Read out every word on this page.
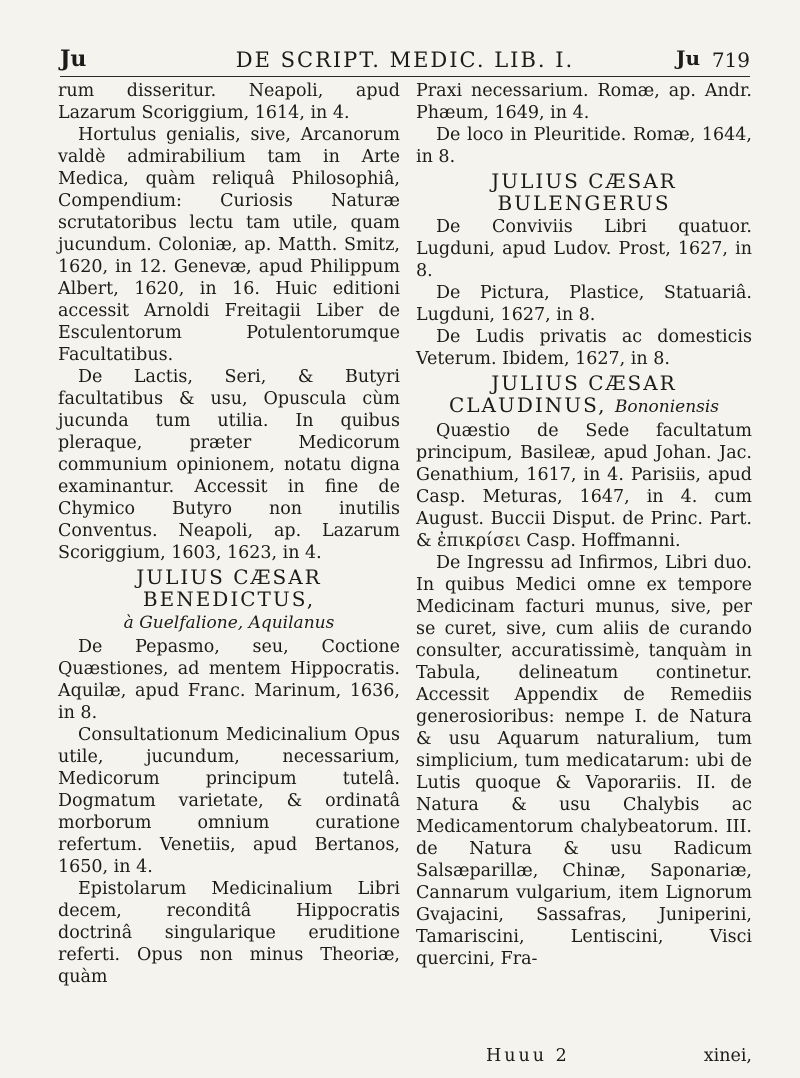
Ju	DE SCRIPT. MEDIC. LIB. I.	Ju 719

rum disseritur. Neapoli, apud Lazarum Scoriggium, 1614, in 4.

Hortulus genialis, sive, Arcanorum valdè admirabilium tam in Arte Medica, quàm reliquâ Philosophiâ, Compendium: Curiosis Naturæ scrutatoribus lectu tam utile, quam jucundum. Coloniæ, ap. Matth. Smitz, 1620, in 12. Genevæ, apud Philippum Albert, 1620, in 16. Huic editioni accessit Arnoldi Freitagii Liber de Esculentorum Potulentorumque Facultatibus.

De Lactis, Seri, & Butyri facultatibus & usu, Opuscula cùm jucunda tum utilia. In quibus pleraque, præter Medicorum communium opinionem, notatu digna examinantur. Accessit in fine de Chymico Butyro non inutilis Conventus. Neapoli, ap. Lazarum Scoriggium, 1603, 1623, in 4.

JULIUS CÆSAR BENEDICTUS,
à Guelfalione, Aquilanus

De Pepasmo, seu, Coctione Quæstiones, ad mentem Hippocratis. Aquilæ, apud Franc. Marinum, 1636, in 8.

Consultationum Medicinalium Opus utile, jucundum, necessarium, Medicorum principum tutelâ. Dogmatum varietate, & ordinatâ morborum omnium curatione refertum. Venetiis, apud Bertanos, 1650, in 4.

Epistolarum Medicinalium Libri decem, reconditâ Hippocratis doctrinâ singularique eruditione referti. Opus non minus Theoriæ, quàm

Praxi necessarium. Romæ, ap. Andr. Phæum, 1649, in 4.

De loco in Pleuritide. Romæ, 1644, in 8.

JULIUS CÆSAR BULENGERUS

De Conviviis Libri quatuor. Lugduni, apud Ludov. Prost, 1627, in 8.

De Pictura, Plastice, Statuariâ. Lugduni, 1627, in 8.

De Ludis privatis ac domesticis Veterum. Ibidem, 1627, in 8.

JULIUS CÆSAR CLAUDINUS, Bononiensis

Quæstio de Sede facultatum principum, Basileæ, apud Johan. Jac. Genathium, 1617, in 4. Parisiis, apud Casp. Meturas, 1647, in 4. cum August. Buccii Disput. de Princ. Part. & ἐπικρίσει Casp. Hoffmanni.

De Ingressu ad Infirmos, Libri duo. In quibus Medici omne ex tempore Medicinam facturi munus, sive, per se curet, sive, cum aliis de curando consulter, accuratissimè, tanquàm in Tabula, delineatum continetur. Accessit Appendix de Remediis generosioribus: nempe I. de Natura & usu Aquarum naturalium, tum simplicium, tum medicatarum: ubi de Lutis quoque & Vaporariis. II. de Natura & usu Chalybis ac Medicamentorum chalybeatorum. III. de Natura & usu Radicum Salsæparillæ, Chinæ, Saponariæ, Cannarum vulgarium, item Lignorum Gvajacini, Sassafras, Juniperini, Tamariscini, Lentiscini, Visci quercini, Fra-

Huuu 2	xinei,
